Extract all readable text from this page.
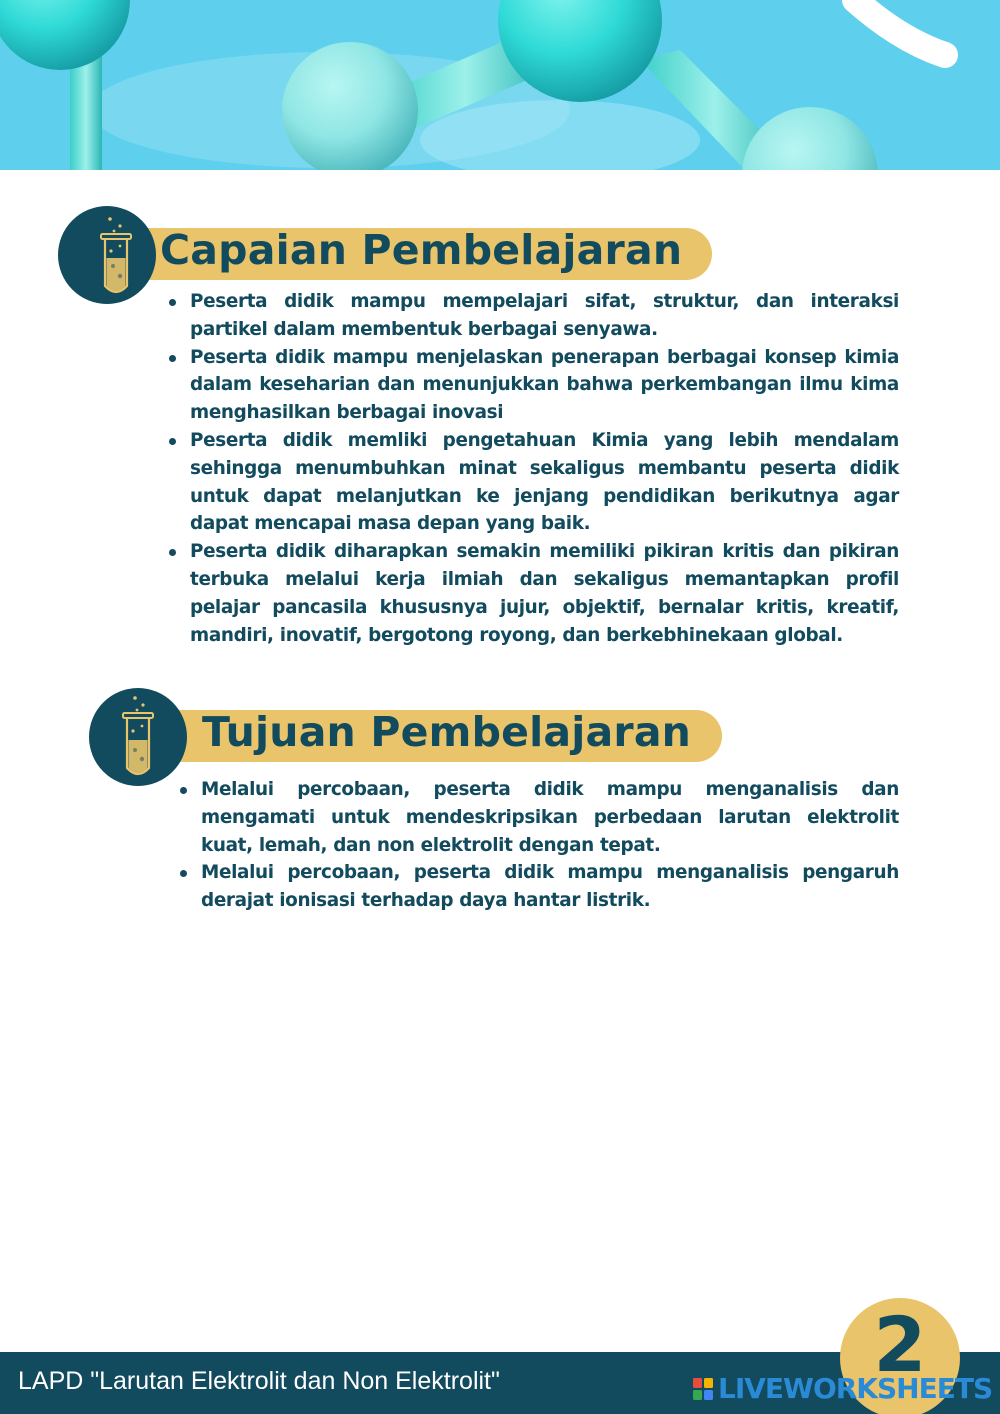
Capaian Pembelajaran
Peserta didik mampu mempelajari sifat, struktur, dan interaksi partikel dalam membentuk berbagai senyawa.
Peserta didik mampu menjelaskan penerapan berbagai konsep kimia dalam keseharian dan menunjukkan bahwa perkembangan ilmu kima menghasilkan berbagai inovasi
Peserta didik memliki pengetahuan Kimia yang lebih mendalam sehingga menumbuhkan minat sekaligus membantu peserta didik untuk dapat melanjutkan ke jenjang pendidikan berikutnya agar dapat mencapai masa depan yang baik.
Peserta didik diharapkan semakin memiliki pikiran kritis dan pikiran terbuka melalui kerja ilmiah dan sekaligus memantapkan profil pelajar pancasila khususnya jujur, objektif, bernalar kritis, kreatif, mandiri, inovatif, bergotong royong, dan berkebhinekaan global.
Tujuan Pembelajaran
Melalui percobaan, peserta didik mampu menganalisis dan mengamati untuk mendeskripsikan perbedaan larutan elektrolit kuat, lemah, dan non elektrolit dengan tepat.
Melalui percobaan, peserta didik mampu menganalisis pengaruh derajat ionisasi terhadap daya hantar listrik.
LAPD "Larutan Elektrolit dan Non Elektrolit"	2
LIVEWORKSHEETS
